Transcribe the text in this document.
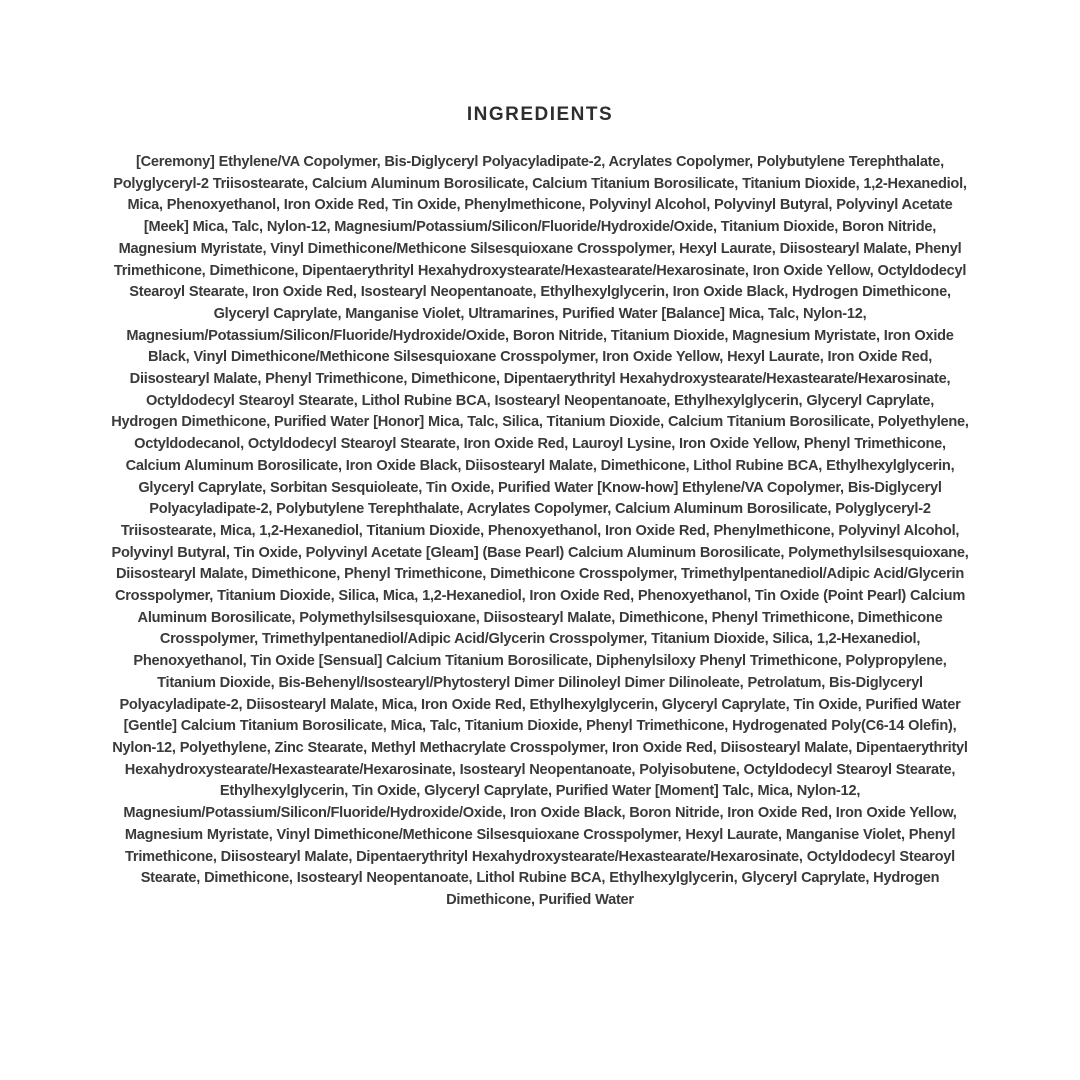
INGREDIENTS

[Ceremony] Ethylene/VA Copolymer, Bis-Diglyceryl Polyacyladipate-2, Acrylates Copolymer, Polybutylene Terephthalate, Polyglyceryl-2 Triisostearate, Calcium Aluminum Borosilicate, Calcium Titanium Borosilicate, Titanium Dioxide, 1,2-Hexanediol, Mica, Phenoxyethanol, Iron Oxide Red, Tin Oxide, Phenylmethicone, Polyvinyl Alcohol, Polyvinyl Butyral, Polyvinyl Acetate [Meek] Mica, Talc, Nylon-12, Magnesium/Potassium/Silicon/Fluoride/Hydroxide/Oxide, Titanium Dioxide, Boron Nitride, Magnesium Myristate, Vinyl Dimethicone/Methicone Silsesquioxane Crosspolymer, Hexyl Laurate, Diisostearyl Malate, Phenyl Trimethicone, Dimethicone, Dipentaerythrityl Hexahydroxystearate/Hexastearate/Hexarosinate, Iron Oxide Yellow, Octyldodecyl Stearoyl Stearate, Iron Oxide Red, Isostearyl Neopentanoate, Ethylhexylglycerin, Iron Oxide Black, Hydrogen Dimethicone, Glyceryl Caprylate, Manganise Violet, Ultramarines, Purified Water [Balance] Mica, Talc, Nylon-12, Magnesium/Potassium/Silicon/Fluoride/Hydroxide/Oxide, Boron Nitride, Titanium Dioxide, Magnesium Myristate, Iron Oxide Black, Vinyl Dimethicone/Methicone Silsesquioxane Crosspolymer, Iron Oxide Yellow, Hexyl Laurate, Iron Oxide Red, Diisostearyl Malate, Phenyl Trimethicone, Dimethicone, Dipentaerythrityl Hexahydroxystearate/Hexastearate/Hexarosinate, Octyldodecyl Stearoyl Stearate, Lithol Rubine BCA, Isostearyl Neopentanoate, Ethylhexylglycerin, Glyceryl Caprylate, Hydrogen Dimethicone, Purified Water [Honor] Mica, Talc, Silica, Titanium Dioxide, Calcium Titanium Borosilicate, Polyethylene, Octyldodecanol, Octyldodecyl Stearoyl Stearate, Iron Oxide Red, Lauroyl Lysine, Iron Oxide Yellow, Phenyl Trimethicone, Calcium Aluminum Borosilicate, Iron Oxide Black, Diisostearyl Malate, Dimethicone, Lithol Rubine BCA, Ethylhexylglycerin, Glyceryl Caprylate, Sorbitan Sesquioleate, Tin Oxide, Purified Water [Know-how] Ethylene/VA Copolymer, Bis-Diglyceryl Polyacyladipate-2, Polybutylene Terephthalate, Acrylates Copolymer, Calcium Aluminum Borosilicate, Polyglyceryl-2 Triisostearate, Mica, 1,2-Hexanediol, Titanium Dioxide, Phenoxyethanol, Iron Oxide Red, Phenylmethicone, Polyvinyl Alcohol, Polyvinyl Butyral, Tin Oxide, Polyvinyl Acetate [Gleam] (Base Pearl) Calcium Aluminum Borosilicate, Polymethylsilsesquioxane, Diisostearyl Malate, Dimethicone, Phenyl Trimethicone, Dimethicone Crosspolymer, Trimethylpentanediol/Adipic Acid/Glycerin Crosspolymer, Titanium Dioxide, Silica, Mica, 1,2-Hexanediol, Iron Oxide Red, Phenoxyethanol, Tin Oxide (Point Pearl) Calcium Aluminum Borosilicate, Polymethylsilsesquioxane, Diisostearyl Malate, Dimethicone, Phenyl Trimethicone, Dimethicone Crosspolymer, Trimethylpentanediol/Adipic Acid/Glycerin Crosspolymer, Titanium Dioxide, Silica, 1,2-Hexanediol, Phenoxyethanol, Tin Oxide [Sensual] Calcium Titanium Borosilicate, Diphenylsiloxy Phenyl Trimethicone, Polypropylene, Titanium Dioxide, Bis-Behenyl/Isostearyl/Phytosteryl Dimer Dilinoleyl Dimer Dilinoleate, Petrolatum, Bis-Diglyceryl Polyacyladipate-2, Diisostearyl Malate, Mica, Iron Oxide Red, Ethylhexylglycerin, Glyceryl Caprylate, Tin Oxide, Purified Water [Gentle] Calcium Titanium Borosilicate, Mica, Talc, Titanium Dioxide, Phenyl Trimethicone, Hydrogenated Poly(C6-14 Olefin), Nylon-12, Polyethylene, Zinc Stearate, Methyl Methacrylate Crosspolymer, Iron Oxide Red, Diisostearyl Malate, Dipentaerythrityl Hexahydroxystearate/Hexastearate/Hexarosinate, Isostearyl Neopentanoate, Polyisobutene, Octyldodecyl Stearoyl Stearate, Ethylhexylglycerin, Tin Oxide, Glyceryl Caprylate, Purified Water [Moment] Talc, Mica, Nylon-12, Magnesium/Potassium/Silicon/Fluoride/Hydroxide/Oxide, Iron Oxide Black, Boron Nitride, Iron Oxide Red, Iron Oxide Yellow, Magnesium Myristate, Vinyl Dimethicone/Methicone Silsesquioxane Crosspolymer, Hexyl Laurate, Manganise Violet, Phenyl Trimethicone, Diisostearyl Malate, Dipentaerythrityl Hexahydroxystearate/Hexastearate/Hexarosinate, Octyldodecyl Stearoyl Stearate, Dimethicone, Isostearyl Neopentanoate, Lithol Rubine BCA, Ethylhexylglycerin, Glyceryl Caprylate, Hydrogen Dimethicone, Purified Water
